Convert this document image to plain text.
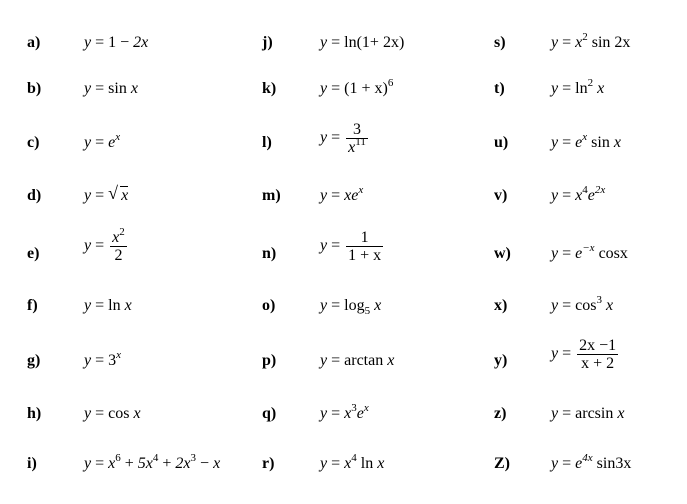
a)
b)
c)
d)
e)
f)
g)
h)
i)
j)
k)
l)
m)
n)
o)
p)
q)
r)
s)
t)
u)
v)
w)
x)
y)
z)
Z)
y = 1 − 2x
y = sin x
$y = e^x$
y = √ x
$y = \frac{x^2}{2}$
y = ln x
$y = 3^x$
y = cos x
$y = x^6 + 5x^4 + 2x^3 - x$
y = ln(1+ 2x)
$y = (1 + x)^6$
$y = \frac{3}{x^{11}}$
$y = xe^x$
$y = \frac{1}{1 + x}$
$y = \log_5 x$
y = arctan x
$y = x^3e^x$
$y = x^4$ ln x
$y = x^2$ sin 2x
$y = \ln^2 x$
$y = e^x$ sin x
$y = x^4e^{2x}$
$y = e^{-x}$ cosx
$y = \cos^3 x$
$y = \frac{2x -1}{x + 2}$
y = arcsin x
$y = e^{4x}$ sin3x
